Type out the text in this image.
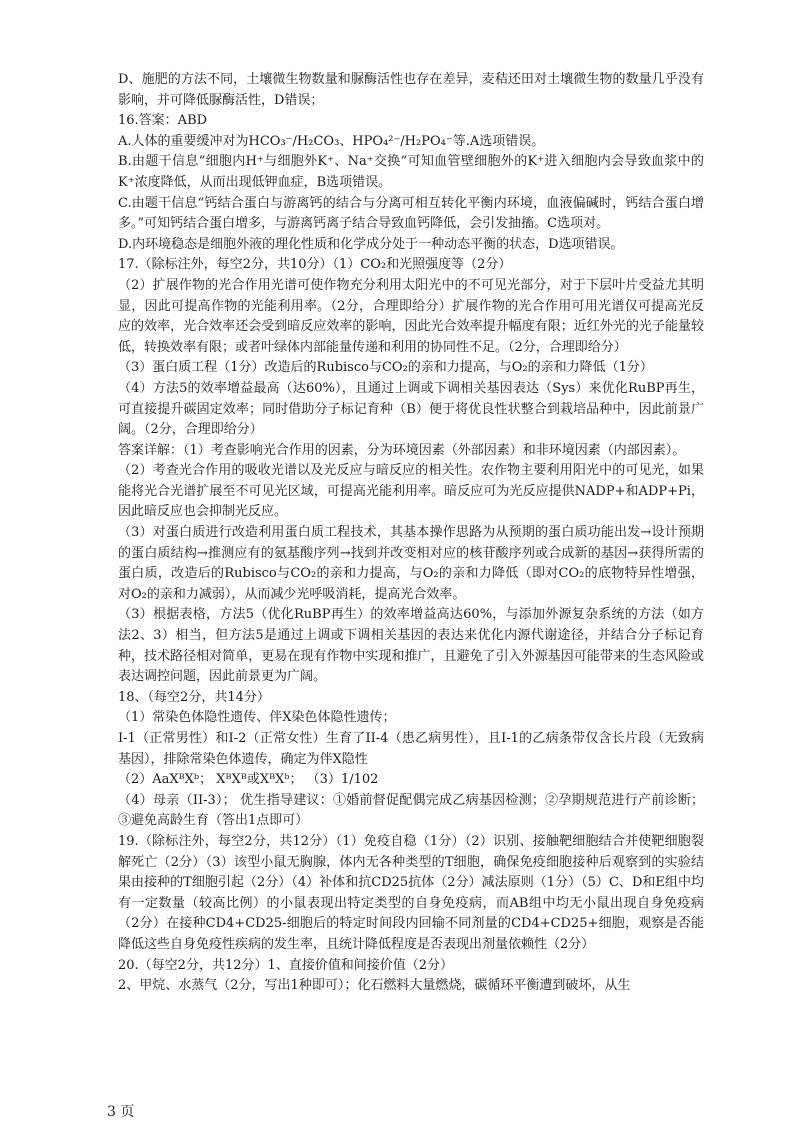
D、施肥的方法不同，土壤微生物数量和脲酶活性也存在差异，麦秸还田对土壤微生物的数量几乎没有影响，并可降低脲酶活性，D错误；

16.答案：ABD

A.人体的重要缓冲对为HCO₃⁻/H₂CO₃、HPO₄²⁻/H₂PO₄⁻等.A选项错误。

B.由题干信息“细胞内H⁺与细胞外K⁺、Na⁺交换”可知血管壁细胞外的K⁺进入细胞内会导致血浆中的K⁺浓度降低，从而出现低钾血症，B选项错误。

C.由题干信息“钙结合蛋白与游离钙的结合与分离可相互转化平衡内环境，血液偏碱时，钙结合蛋白增多。”可知钙结合蛋白增多，与游离钙离子结合导致血钙降低，会引发抽搐。C选项对。

D.内环境稳态是细胞外液的理化性质和化学成分处于一种动态平衡的状态，D选项错误。

17.（除标注外，每空2分，共10分）（1）CO₂和光照强度等（2分）

（2）扩展作物的光合作用光谱可使作物充分利用太阳光中的不可见光部分，对于下层叶片受益尤其明显，因此可提高作物的光能利用率。（2分，合理即给分）扩展作物的光合作用可用光谱仅可提高光反应的效率，光合效率还会受到暗反应效率的影响，因此光合效率提升幅度有限；近红外光的光子能量较低，转换效率有限；或者叶绿体内部能量传递和利用的协同性不足。（2分，合理即给分）

（3）蛋白质工程（1分）改造后的Rubisco与CO₂的亲和力提高，与O₂的亲和力降低（1分）

（4）方法5的效率增益最高（达60%），且通过上调或下调相关基因表达（Sys）来优化RuBP再生，可直接提升碳固定效率；同时借助分子标记育种（B）便于将优良性状整合到栽培品种中，因此前景广阔。（2分，合理即给分）

答案详解：（1）考查影响光合作用的因素，分为环境因素（外部因素）和非环境因素（内部因素）。

（2）考查光合作用的吸收光谱以及光反应与暗反应的相关性。农作物主要利用阳光中的可见光，如果能将光合光谱扩展至不可见光区域，可提高光能利用率。暗反应可为光反应提供NADP+和ADP+Pi，因此暗反应也会抑制光反应。

（3）对蛋白质进行改造利用蛋白质工程技术，其基本操作思路为从预期的蛋白质功能出发→设计预期的蛋白质结构→推测应有的氨基酸序列→找到并改变相对应的核苷酸序列或合成新的基因→获得所需的蛋白质，改造后的Rubisco与CO₂的亲和力提高，与O₂的亲和力降低（即对CO₂的底物特异性增强，对O₂的亲和力减弱），从而减少光呼吸消耗，提高光合效率。

（3）根据表格，方法5（优化RuBP再生）的效率增益高达60%，与添加外源复杂系统的方法（如方法2、3）相当，但方法5是通过上调或下调相关基因的表达来优化内源代谢途径，并结合分子标记育种，技术路径相对简单，更易在现有作物中实现和推广，且避免了引入外源基因可能带来的生态风险或表达调控问题，因此前景更为广阔。

18、（每空2分，共14分）

（1）常染色体隐性遗传、伴X染色体隐性遗传；

I-1（正常男性）和I-2（正常女性）生育了II-4（患乙病男性），且I-1的乙病条带仅含长片段（无致病基因），排除常染色体遗传，确定为伴X隐性

（2）AaXᴮXᵇ； XᴮXᴮ或XᴮXᵇ； （3）1/102

（4）母亲（II-3）； 优生指导建议：①婚前督促配偶完成乙病基因检测；②孕期规范进行产前诊断；③避免高龄生育（答出1点即可）

19.（除标注外，每空2分，共12分）（1）免疫自稳（1分）（2）识别、接触靶细胞结合并使靶细胞裂解死亡（2分）（3）该型小鼠无胸腺，体内无各种类型的T细胞，确保免疫细胞接种后观察到的实验结果由接种的T细胞引起（2分）（4）补体和抗CD25抗体（2分）减法原则（1分）（5）C、D和E组中均有一定数量（较高比例）的小鼠表现出特定类型的自身免疫病，而AB组中均无小鼠出现自身免疫病（2分）在接种CD4+CD25-细胞后的特定时间段内回输不同剂量的CD4+CD25+细胞，观察是否能降低这些自身免疫性疾病的发生率，且统计降低程度是否表现出剂量依赖性（2分）

20.（每空2分，共12分）1、直接价值和间接价值（2分）

2、甲烷、水蒸气（2分，写出1种即可）；化石燃料大量燃烧，碳循环平衡遭到破坏，从生

3 页
